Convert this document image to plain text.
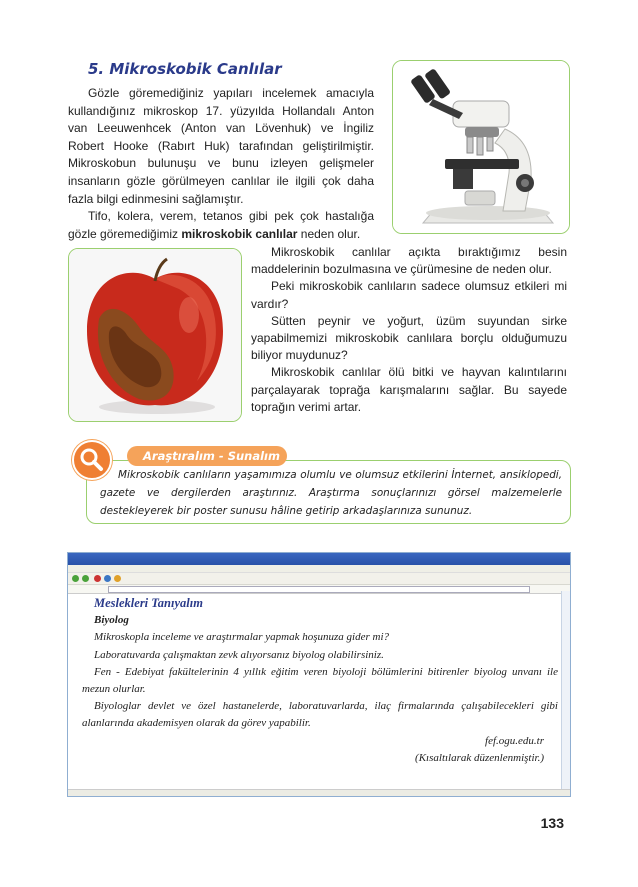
5. Mikroskobik Canlılar

Gözle göremediğiniz yapıları incelemek amacıyla kullandığınız mikroskop 17. yüzyılda Hollandalı Anton van Leeuwenhcek (Anton van Lövenhuk) ve İngiliz Robert Hooke (Rabırt Huk) tarafından geliştirilmiştir. Mikroskobun bulunuşu ve bunu izleyen gelişmeler insanların gözle görülmeyen canlılar ile ilgili çok daha fazla bilgi edinmesini sağlamıştır.

Tifo, kolera, verem, tetanos gibi pek çok hastalığa gözle göremediğimiz mikroskobik canlılar neden olur.

Mikroskobik canlılar açıkta bıraktığımız besin maddelerinin bozulmasına ve çürümesine de neden olur.

Peki mikroskobik canlıların sadece olumsuz etkileri mi vardır?

Sütten peynir ve yoğurt, üzüm suyundan sirke yapabilmemizi mikroskobik canlılara borçlu olduğumuzu biliyor muydunuz?

Mikroskobik canlılar ölü bitki ve hayvan kalıntılarını parçalayarak toprağa karışmalarını sağlar. Bu sayede toprağın verimi artar.

Araştıralım - Sunalım
Mikroskobik canlıların yaşamımıza olumlu ve olumsuz etkilerini İnternet, ansiklopedi, gazete ve dergilerden araştırınız. Araştırma sonuçlarınızı görsel malzemelerle destekleyerek bir poster sunusu hâline getirip arkadaşlarınıza sununuz.
Meslekleri Tanıyalım
Biyolog

Mikroskopla inceleme ve araştırmalar yapmak hoşunuza gider mi?

Laboratuvarda çalışmaktan zevk alıyorsanız biyolog olabilirsiniz.

Fen - Edebiyat fakültelerinin 4 yıllık eğitim veren biyoloji bölümlerini bitirenler biyolog unvanı ile mezun olurlar.

Biyologlar devlet ve özel hastanelerde, laboratuvarlarda, ilaç firmalarında çalışabilecekleri gibi alanlarında akademisyen olarak da görev yapabilir.

fef.ogu.edu.tr
(Kısaltılarak düzenlenmiştir.)
133
